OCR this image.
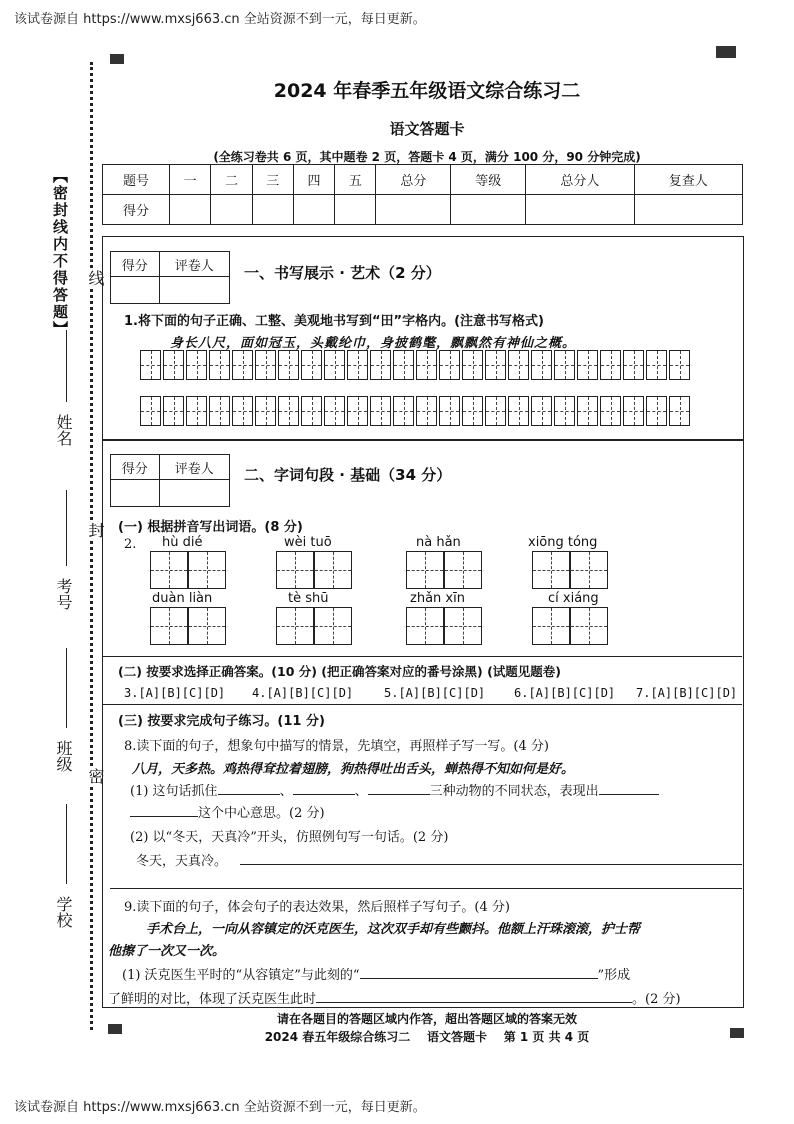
该试卷源自 https://www.mxsj663.cn 全站资源不到一元，每日更新。
该试卷源自 https://www.mxsj663.cn 全站资源不到一元，每日更新。
【密封线内不得答题】 线
封
密
姓名
考号
班级
学校
2024 年春季五年级语文综合练习二
语文答题卡
(全练习卷共 6 页，其中题卷 2 页，答题卡 4 页，满分 100 分，90 分钟完成)
题号	一	二	三	四	五	总分	等级	总分人	复查人
得分									
得分	评卷人
	一、书写展示 · 艺术（2 分）
1.将下面的句子正确、工整、美观地书写到“田”字格内。(注意书写格式)
身长八尺，面如冠玉，头戴纶巾，身披鹤氅，飘飘然有神仙之概。
得分	评卷人
	二、字词句段 · 基础（34 分）
(一) 根据拼音写出词语。(8 分)
2. hù dié	wèi tuō	nà hǎn	xiōng tóng
duàn liàn	tè shū	zhǎn xīn	cí xiáng
(二) 按要求选择正确答案。(10 分) (把正确答案对应的番号涂黑) (试题见题卷)
3.[A][B][C][D] 4.[A][B][C][D]	5.[A][B][C][D] 6.[A][B][C][D] 7.[A][B][C][D]
(三) 按要求完成句子练习。(11 分)
8.读下面的句子，想象句中描写的情景，先填空，再照样子写一写。(4 分)
八月，天多热。鸡热得耷拉着翅膀，狗热得吐出舌头，蝉热得不知如何是好。
(1) 这句话抓住	、	、	三种动物的不同状态，表现出
这个中心意思。(2 分)
(2) 以“冬天，天真冷”开头，仿照例句写一句话。(2 分)
冬天，天真冷。
9.读下面的句子，体会句子的表达效果，然后照样子写句子。(4 分)
手术台上，一向从容镇定的沃克医生，这次双手却有些颤抖。他额上汗珠滚滚，护士帮
他擦了一次又一次。
(1) 沃克医生平时的“从容镇定”与此刻的“	”形成
了鲜明的对比，体现了沃克医生此时	。(2 分)
请在各题目的答题区域内作答，超出答题区域的答案无效
2024 春五年级综合练习二    语文答题卡    第 1 页 共 4 页
